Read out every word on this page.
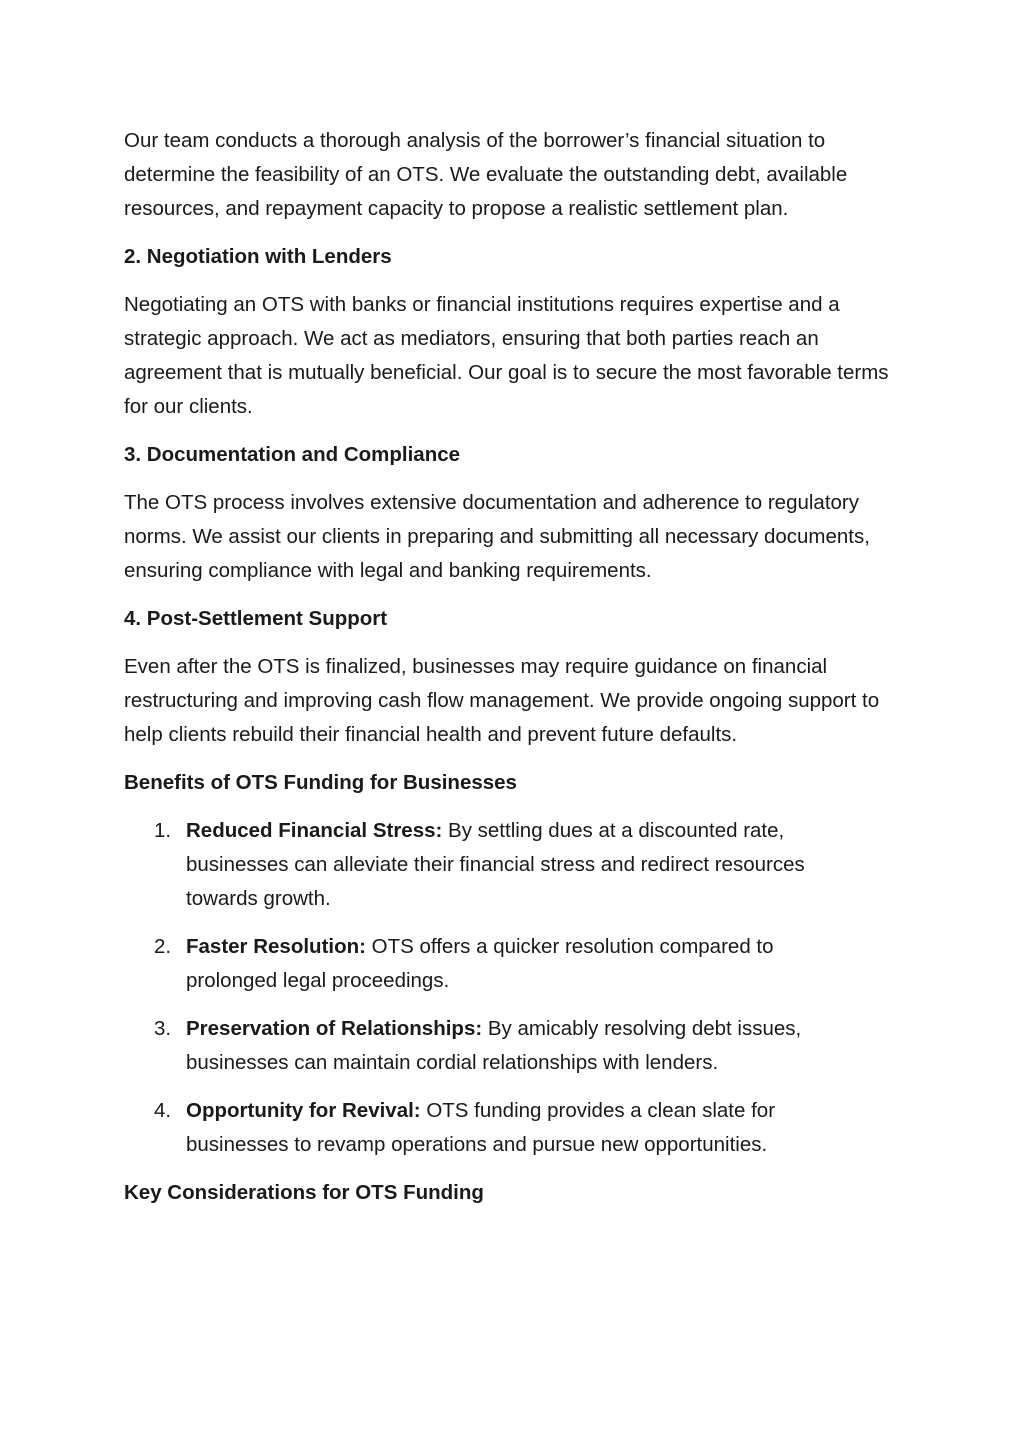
Our team conducts a thorough analysis of the borrower’s financial situation to determine the feasibility of an OTS. We evaluate the outstanding debt, available resources, and repayment capacity to propose a realistic settlement plan.

2. Negotiation with Lenders

Negotiating an OTS with banks or financial institutions requires expertise and a strategic approach. We act as mediators, ensuring that both parties reach an agreement that is mutually beneficial. Our goal is to secure the most favorable terms for our clients.

3. Documentation and Compliance

The OTS process involves extensive documentation and adherence to regulatory norms. We assist our clients in preparing and submitting all necessary documents, ensuring compliance with legal and banking requirements.

4. Post-Settlement Support

Even after the OTS is finalized, businesses may require guidance on financial restructuring and improving cash flow management. We provide ongoing support to help clients rebuild their financial health and prevent future defaults.

Benefits of OTS Funding for Businesses

1. Reduced Financial Stress: By settling dues at a discounted rate, businesses can alleviate their financial stress and redirect resources towards growth.
2. Faster Resolution: OTS offers a quicker resolution compared to prolonged legal proceedings.
3. Preservation of Relationships: By amicably resolving debt issues, businesses can maintain cordial relationships with lenders.
4. Opportunity for Revival: OTS funding provides a clean slate for businesses to revamp operations and pursue new opportunities.

Key Considerations for OTS Funding
